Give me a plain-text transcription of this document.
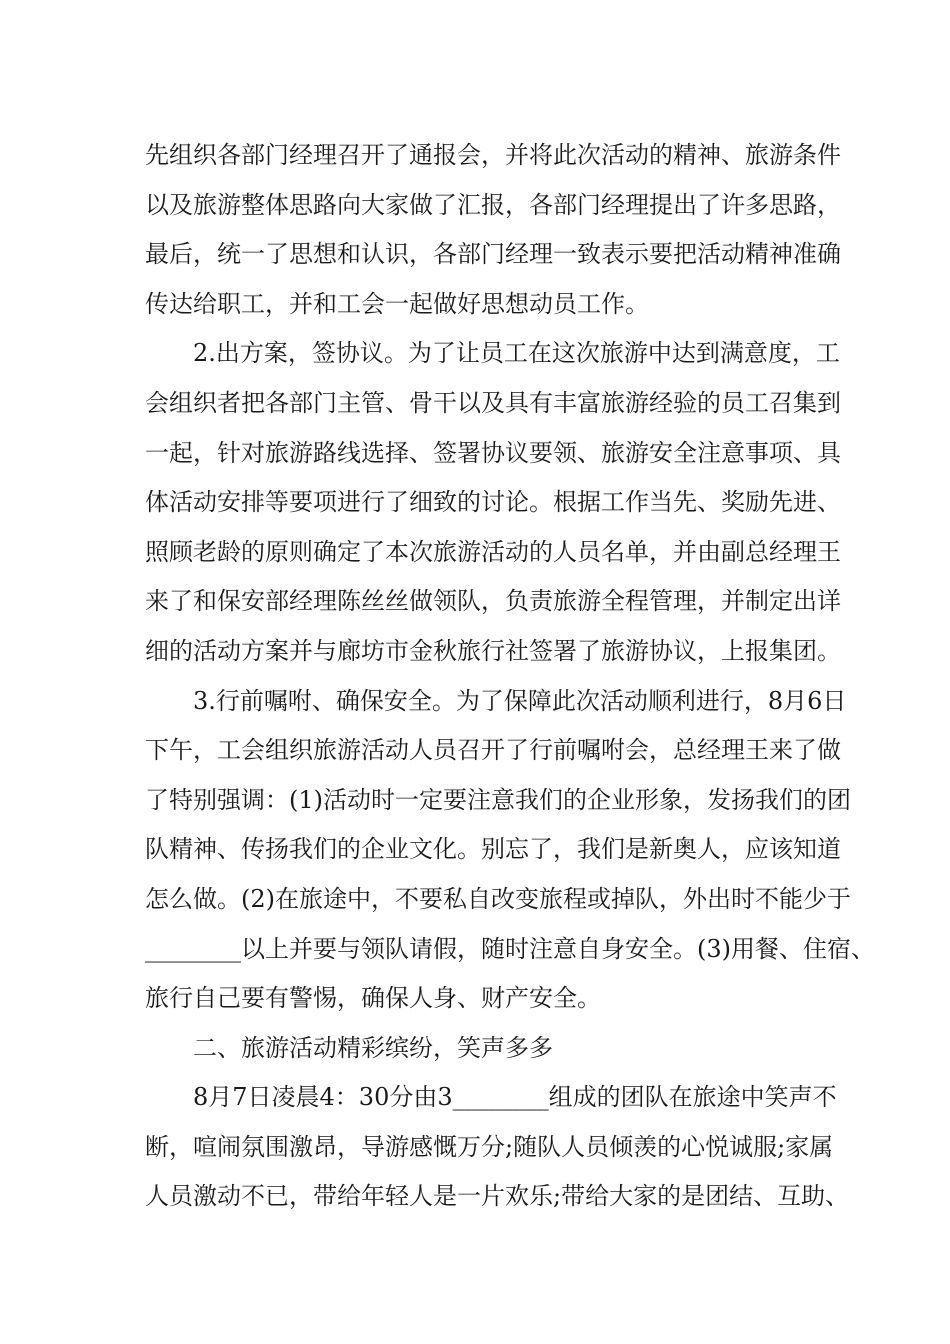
先组织各部门经理召开了通报会，并将此次活动的精神、旅游条件
以及旅游整体思路向大家做了汇报，各部门经理提出了许多思路，
最后，统一了思想和认识，各部门经理一致表示要把活动精神准确
传达给职工，并和工会一起做好思想动员工作。
2.出方案，签协议。为了让员工在这次旅游中达到满意度，工
会组织者把各部门主管、骨干以及具有丰富旅游经验的员工召集到
一起，针对旅游路线选择、签署协议要领、旅游安全注意事项、具
体活动安排等要项进行了细致的讨论。根据工作当先、奖励先进、
照顾老龄的原则确定了本次旅游活动的人员名单，并由副总经理王
来了和保安部经理陈丝丝做领队，负责旅游全程管理，并制定出详
细的活动方案并与廊坊市金秋旅行社签署了旅游协议，上报集团。
3.行前嘱咐、确保安全。为了保障此次活动顺利进行，8月6日
下午，工会组织旅游活动人员召开了行前嘱咐会，总经理王来了做
了特别强调：(1)活动时一定要注意我们的企业形象，发扬我们的团
队精神、传扬我们的企业文化。别忘了，我们是新奥人，应该知道
怎么做。(2)在旅途中，不要私自改变旅程或掉队，外出时不能少于
________以上并要与领队请假，随时注意自身安全。(3)用餐、住宿、
旅行自己要有警惕，确保人身、财产安全。
二、旅游活动精彩缤纷，笑声多多
8月7日凌晨4：30分由3________组成的团队在旅途中笑声不
断，喧闹氛围激昂，导游感慨万分;随队人员倾羡的心悦诚服;家属
人员激动不已，带给年轻人是一片欢乐;带给大家的是团结、互助、
